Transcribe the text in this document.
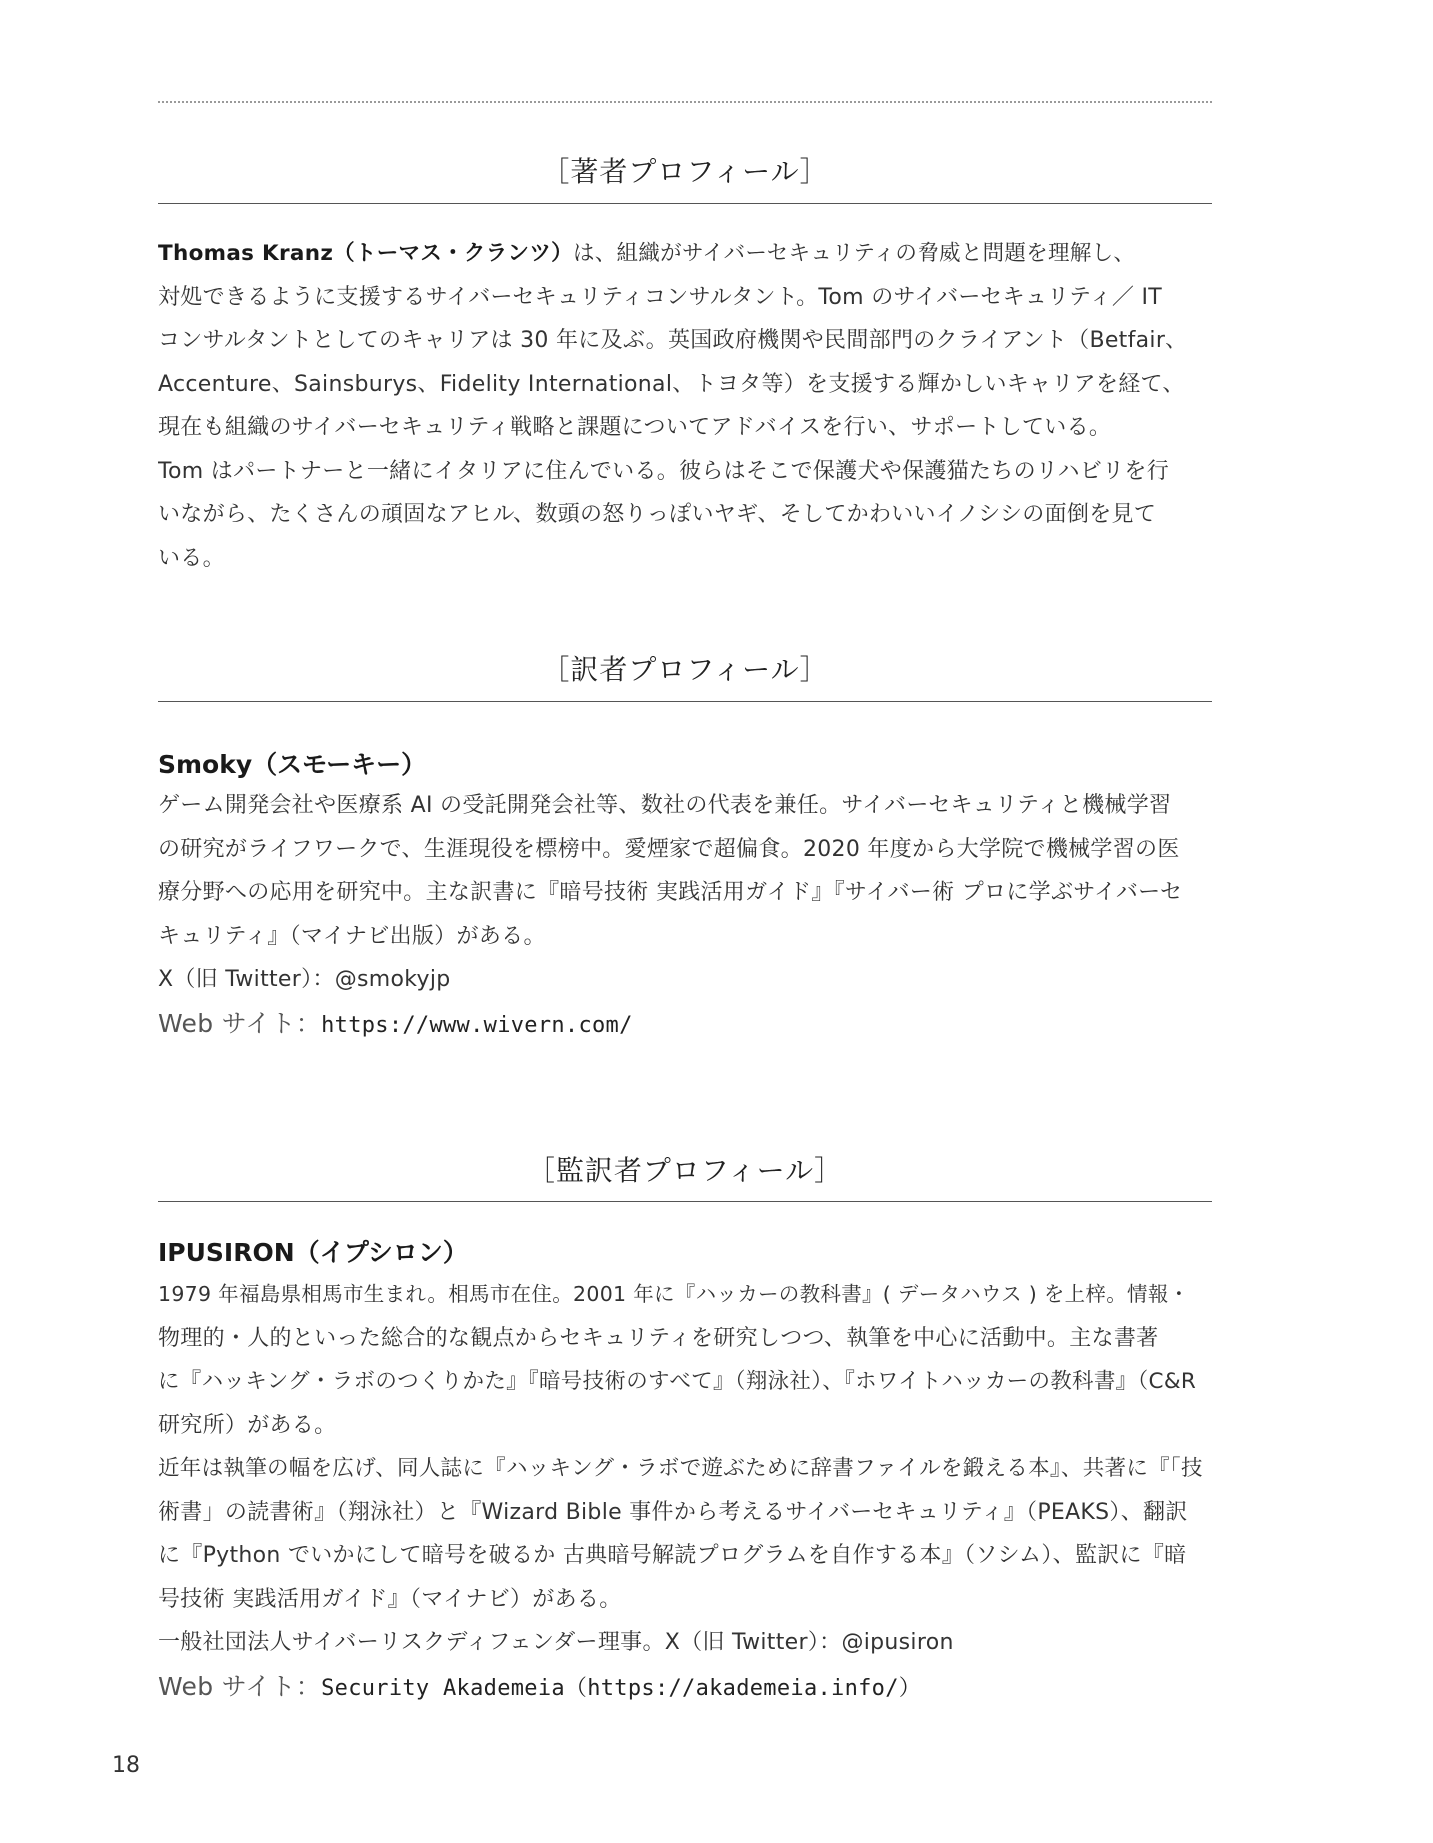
［著者プロフィール］
Thomas Kranz（トーマス・クランツ）は、組織がサイバーセキュリティの脅威と問題を理解し、
対処できるように支援するサイバーセキュリティコンサルタント。Tom のサイバーセキュリティ／ IT
コンサルタントとしてのキャリアは 30 年に及ぶ。英国政府機関や民間部門のクライアント（Betfair、
Accenture、Sainsburys、Fidelity International、トヨタ等）を支援する輝かしいキャリアを経て、
現在も組織のサイバーセキュリティ戦略と課題についてアドバイスを行い、サポートしている。
Tom はパートナーと一緒にイタリアに住んでいる。彼らはそこで保護犬や保護猫たちのリハビリを行
いながら、たくさんの頑固なアヒル、数頭の怒りっぽいヤギ、そしてかわいいイノシシの面倒を見て
いる。
［訳者プロフィール］
Smoky（スモーキー）
ゲーム開発会社や医療系 AI の受託開発会社等、数社の代表を兼任。サイバーセキュリティと機械学習
の研究がライフワークで、生涯現役を標榜中。愛煙家で超偏食。2020 年度から大学院で機械学習の医
療分野への応用を研究中。主な訳書に『暗号技術 実践活用ガイド』『サイバー術 プロに学ぶサイバーセ
キュリティ』（マイナビ出版）がある。
X（旧 Twitter）：@smokyjp
Web サイト：https://www.wivern.com/
［監訳者プロフィール］
IPUSIRON（イプシロン）
1979 年福島県相馬市生まれ。相馬市在住。2001 年に『ハッカーの教科書』( データハウス ) を上梓。情報・
物理的・人的といった総合的な観点からセキュリティを研究しつつ、執筆を中心に活動中。主な書著
に『ハッキング・ラボのつくりかた』『暗号技術のすべて』（翔泳社）、『ホワイトハッカーの教科書』（C&R
研究所）がある。
近年は執筆の幅を広げ、同人誌に『ハッキング・ラボで遊ぶために辞書ファイルを鍛える本』、共著に『「技
術書」の読書術』（翔泳社）と『Wizard Bible 事件から考えるサイバーセキュリティ』（PEAKS）、翻訳
に『Python でいかにして暗号を破るか 古典暗号解読プログラムを自作する本』（ソシム）、監訳に『暗
号技術 実践活用ガイド』（マイナビ）がある。
一般社団法人サイバーリスクディフェンダー理事。X（旧 Twitter）：@ipusiron
Web サイト：Security Akademeia（https://akademeia.info/）
18
